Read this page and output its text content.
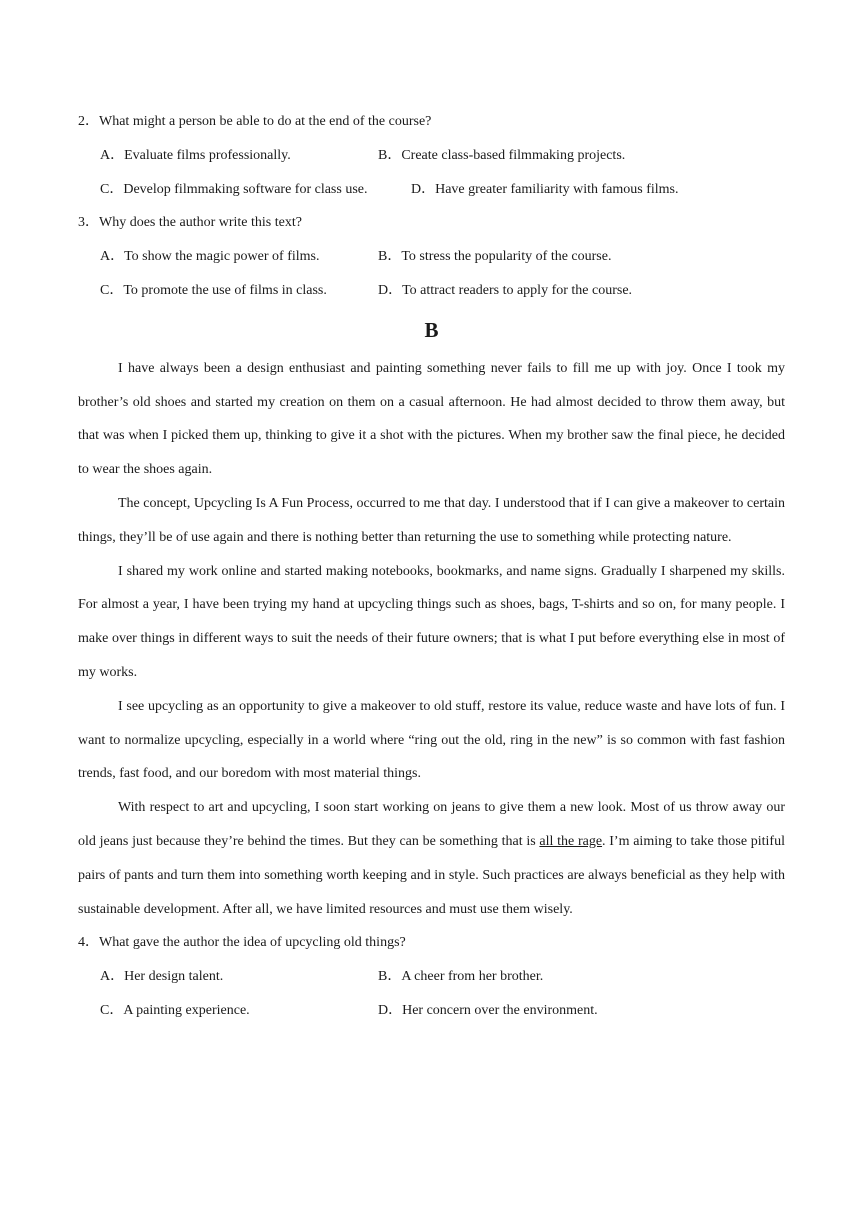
2．What might a person be able to do at the end of the course?
A．Evaluate films professionally.	B．Create class-based filmmaking projects.
C．Develop filmmaking software for class use.	D．Have greater familiarity with famous films.
3．Why does the author write this text?
A．To show the magic power of films.	B．To stress the popularity of the course.
C．To promote the use of films in class.	D．To attract readers to apply for the course.
B

I have always been a design enthusiast and painting something never fails to fill me up with joy. Once I took my brother’s old shoes and started my creation on them on a casual afternoon. He had almost decided to throw them away, but that was when I picked them up, thinking to give it a shot with the pictures. When my brother saw the final piece, he decided to wear the shoes again.

The concept, Upcycling Is A Fun Process, occurred to me that day. I understood that if I can give a makeover to certain things, they’ll be of use again and there is nothing better than returning the use to something while protecting nature.

I shared my work online and started making notebooks, bookmarks, and name signs. Gradually I sharpened my skills. For almost a year, I have been trying my hand at upcycling things such as shoes, bags, T-shirts and so on, for many people. I make over things in different ways to suit the needs of their future owners; that is what I put before everything else in most of my works.

I see upcycling as an opportunity to give a makeover to old stuff, restore its value, reduce waste and have lots of fun. I want to normalize upcycling, especially in a world where “ring out the old, ring in the new” is so common with fast fashion trends, fast food, and our boredom with most material things.

With respect to art and upcycling, I soon start working on jeans to give them a new look. Most of us throw away our old jeans just because they’re behind the times. But they can be something that is all the rage. I’m aiming to take those pitiful pairs of pants and turn them into something worth keeping and in style. Such practices are always beneficial as they help with sustainable development. After all, we have limited resources and must use them wisely.

4．What gave the author the idea of upcycling old things?
A．Her design talent.	B．A cheer from her brother.
C．A painting experience.	D．Her concern over the environment.
